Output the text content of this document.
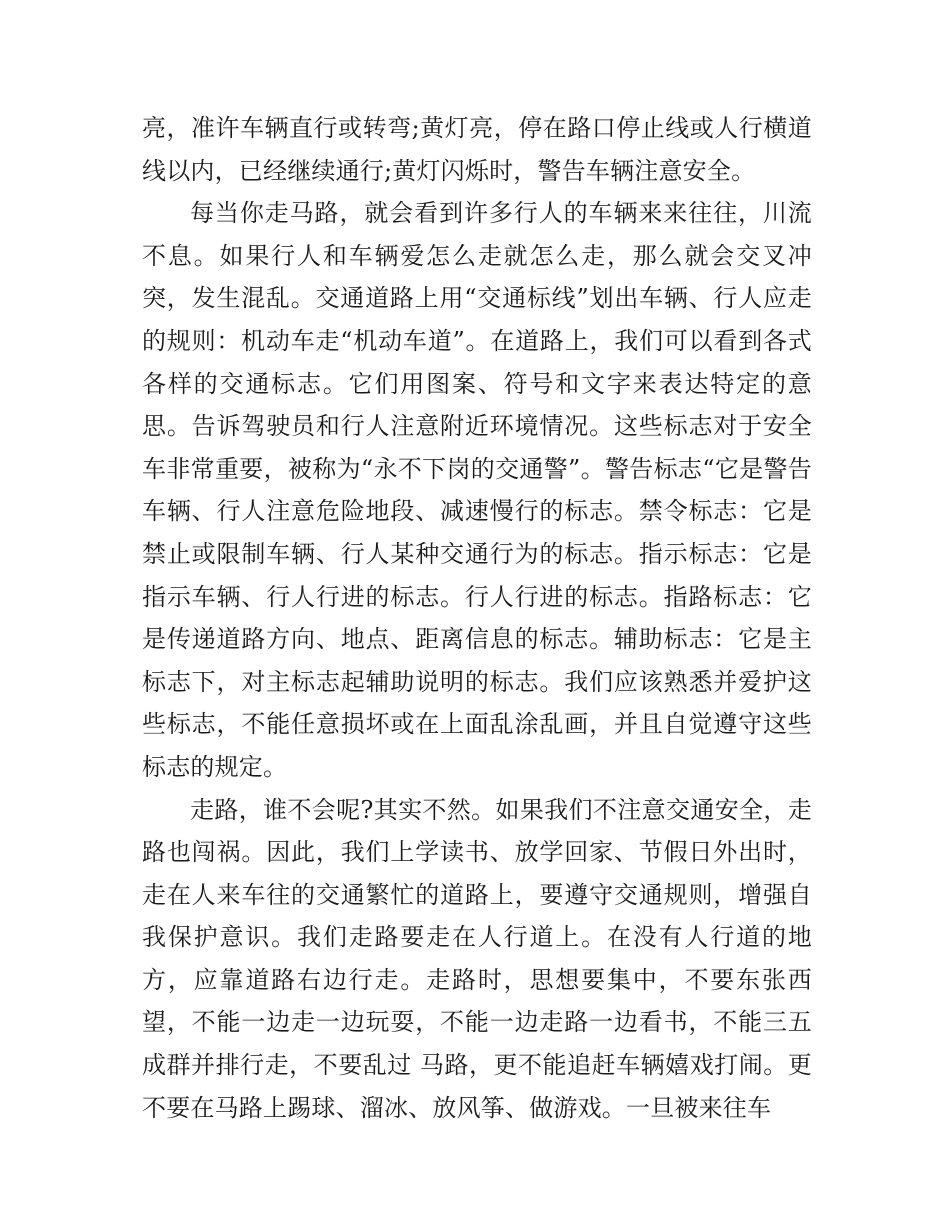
亮，准许车辆直行或转弯;黄灯亮，停在路口停止线或人行横道线以内，已经继续通行;黄灯闪烁时，警告车辆注意安全。

每当你走马路，就会看到许多行人的车辆来来往往，川流不息。如果行人和车辆爱怎么走就怎么走，那么就会交叉冲突，发生混乱。交通道路上用“交通标线”划出车辆、行人应走的规则：机动车走“机动车道”。在道路上，我们可以看到各式各样的交通标志。它们用图案、符号和文字来表达特定的意思。告诉驾驶员和行人注意附近环境情况。这些标志对于安全车非常重要，被称为“永不下岗的交通警”。警告标志“它是警告车辆、行人注意危险地段、减速慢行的标志。禁令标志：它是禁止或限制车辆、行人某种交通行为的标志。指示标志：它是指示车辆、行人行进的标志。行人行进的标志。指路标志：它是传递道路方向、地点、距离信息的标志。辅助标志：它是主标志下，对主标志起辅助说明的标志。我们应该熟悉并爱护这些标志，不能任意损坏或在上面乱涂乱画，并且自觉遵守这些标志的规定。

走路，谁不会呢?其实不然。如果我们不注意交通安全，走路也闯祸。因此，我们上学读书、放学回家、节假日外出时，走在人来车往的交通繁忙的道路上，要遵守交通规则，增强自我保护意识。我们走路要走在人行道上。在没有人行道的地方，应靠道路右边行走。走路时，思想要集中，不要东张西望，不能一边走一边玩耍，不能一边走路一边看书，不能三五成群并排行走，不要乱过 马路，更不能追赶车辆嬉戏打闹。更不要在马路上踢球、溜冰、放风筝、做游戏。一旦被来往车
